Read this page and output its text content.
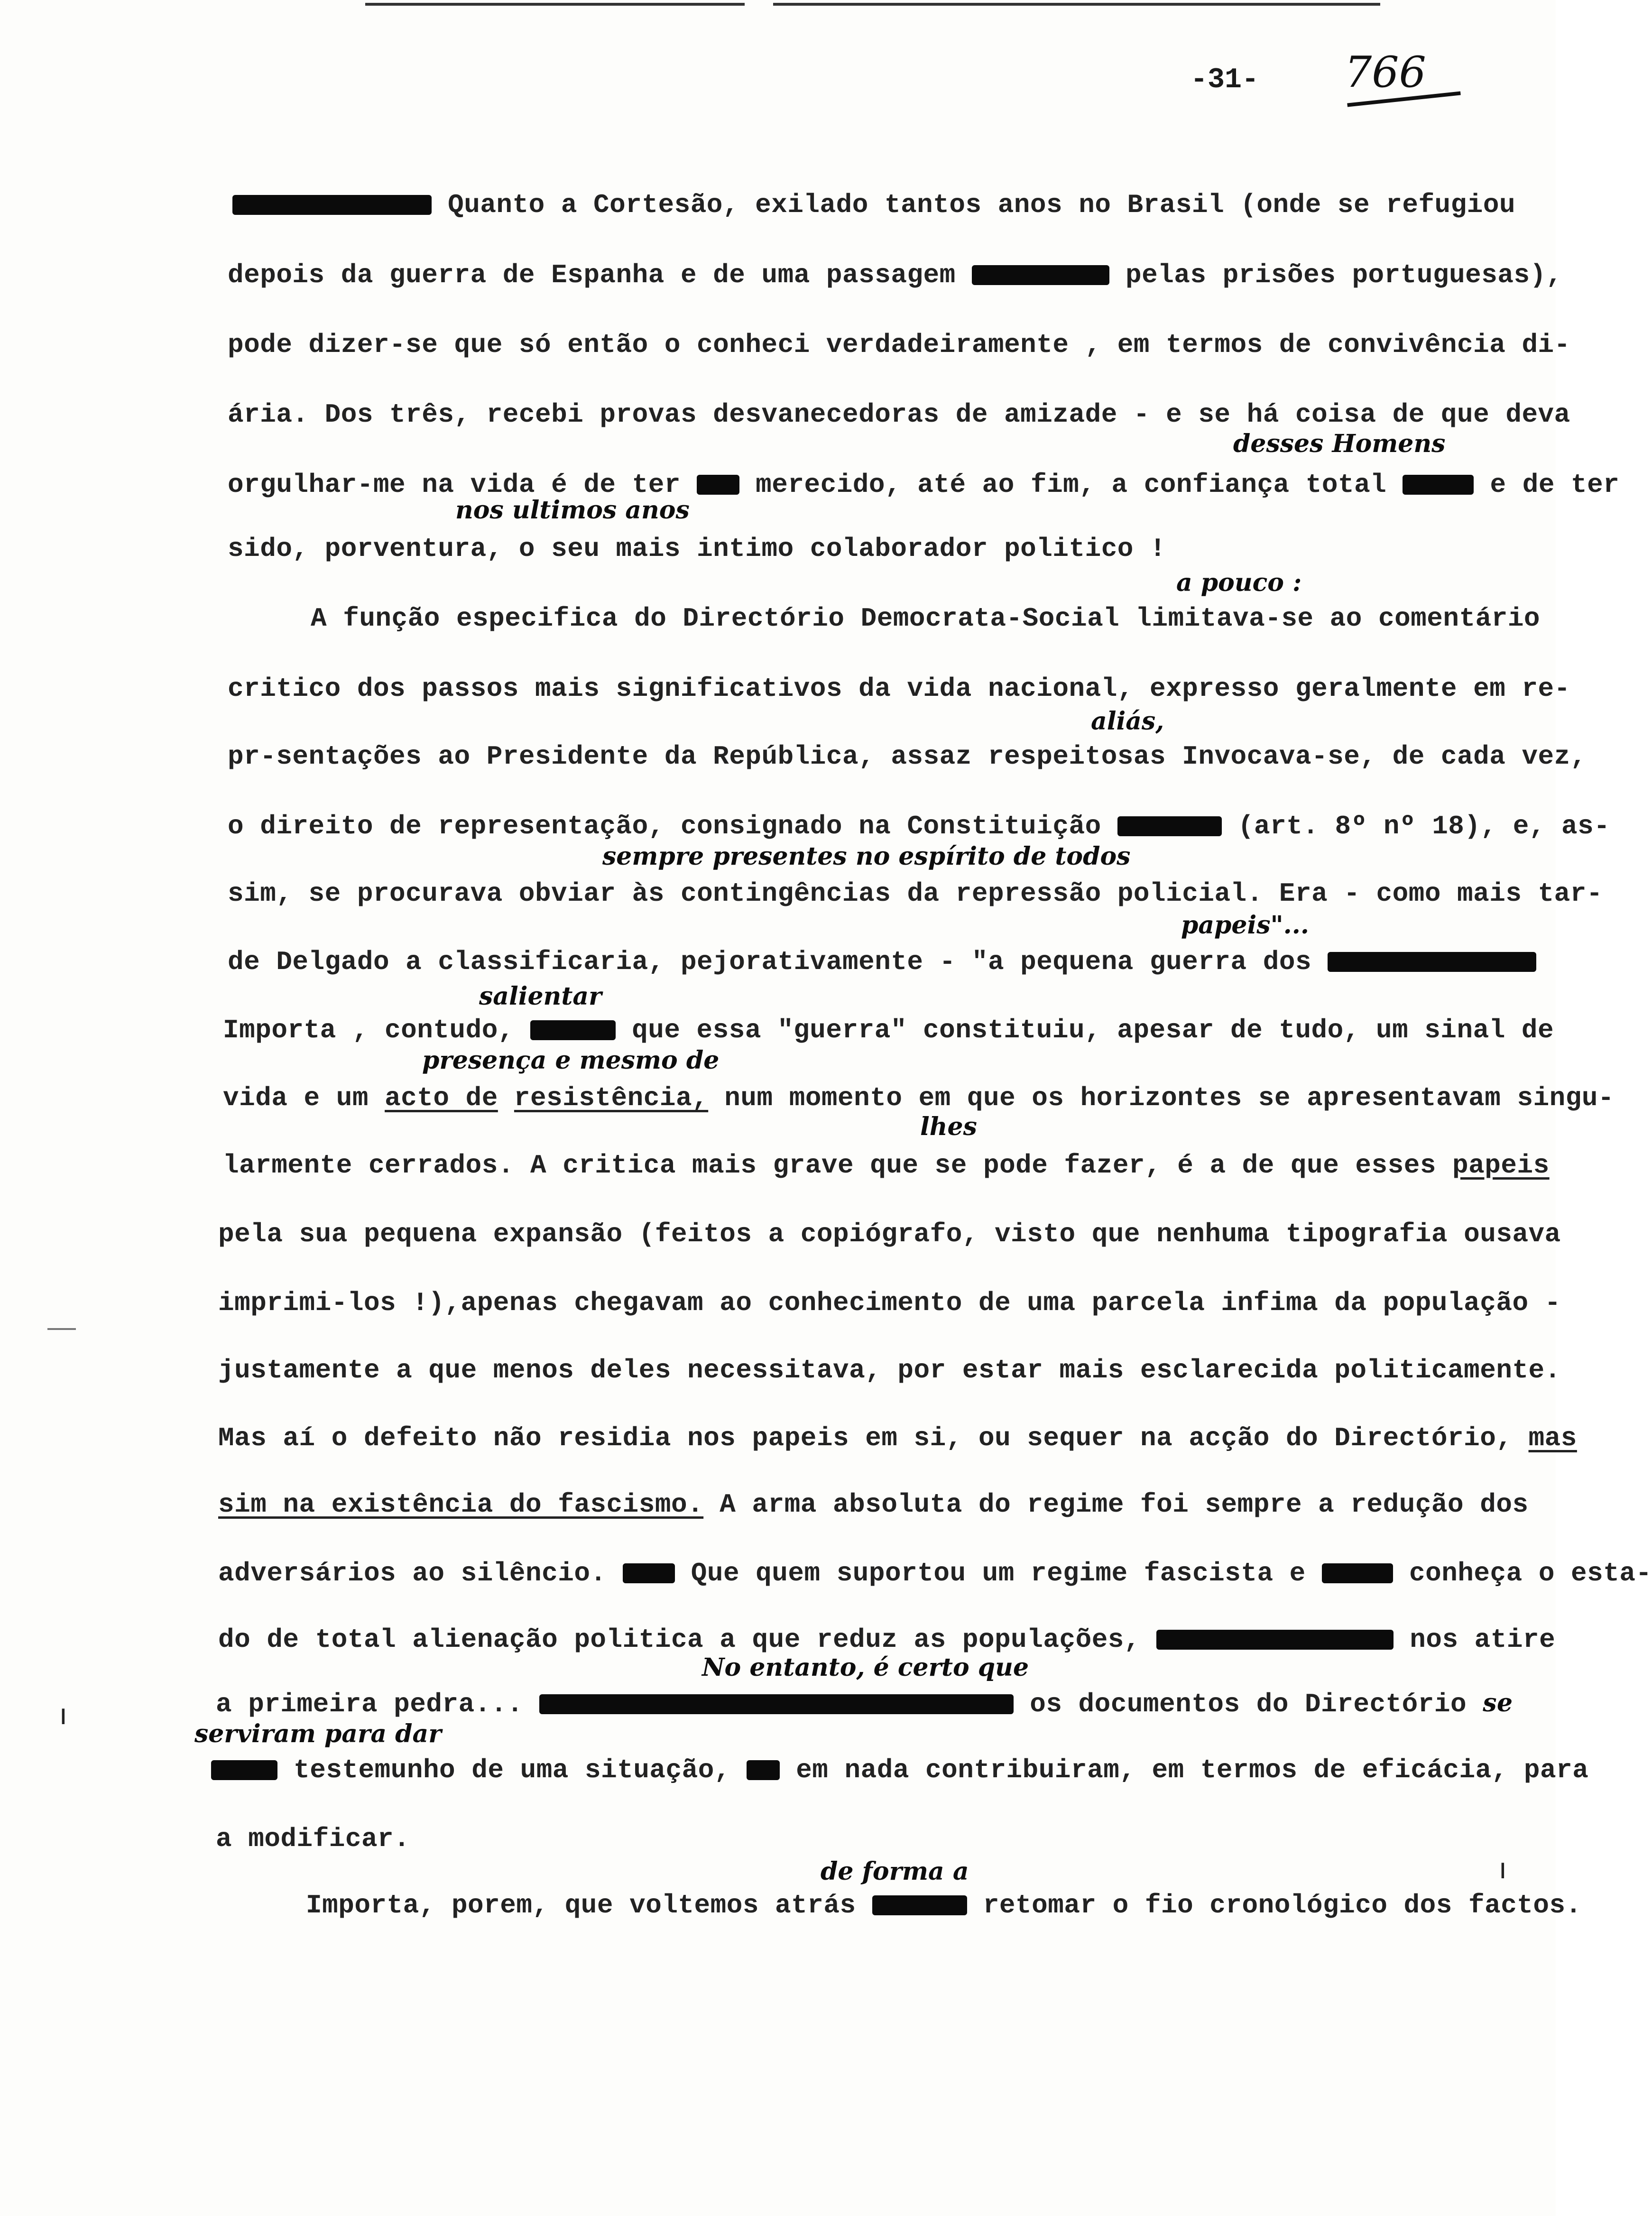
-31- 766
Quanto a Cortesão, exilado tantos anos no Brasil (onde se refugiou
depois da guerra de Espanha e de uma passagem	pelas prisões portuguesas),
pode dizer-se que só então o conheci verdadeiramente , em termos de convivência di-
ária. Dos três, recebi provas desvanecedoras de amizade - e se há coisa de que deva
desses Homens
orgulhar-me na vida é de ter	merecido, até ao fim, a confiança total	e de ter
nos ultimos anos
sido, porventura, o seu mais intimo colaborador politico !
a pouco :
A função especifica do Directório Democrata-Social limitava-se ao comentário
critico dos passos mais significativos da vida nacional, expresso geralmente em re-
aliás,
pr-sentações ao Presidente da República, assaz respeitosas Invocava-se, de cada vez,
o direito de representação, consignado na Constituição	(art. 8º nº 18), e, as-
sempre presentes no espírito de todos
sim, se procurava obviar às contingências da repressão policial. Era - como mais tar-
papeis"...
de Delgado a classificaria, pejorativamente - "a pequena guerra dos
salientar
Importa , contudo,	que essa "guerra" constituiu, apesar de tudo, um sinal de
presença e mesmo de
vida e um acto de resistência, num momento em que os horizontes se apresentavam singu-
lhes
larmente cerrados. A critica mais grave que se pode fazer, é a de que esses papeis
pela sua pequena expansão (feitos a copiógrafo, visto que nenhuma tipografia ousava
imprimi-los !),apenas chegavam ao conhecimento de uma parcela infima da população -
justamente a que menos deles necessitava, por estar mais esclarecida politicamente.
Mas aí o defeito não residia nos papeis em si, ou sequer na acção do Directório, mas
sim na existência do fascismo. A arma absoluta do regime foi sempre a redução dos
adversários ao silêncio.	Que quem suportou um regime fascista e	conheça o esta-
do de total alienação politica a que reduz as populações,	nos atire
No entanto, é certo que
a primeira pedra...	os documentos do Directório se
serviram para dar
testemunho de uma situação, em nada contribuiram, em termos de eficácia, para
a modificar.
de forma a
Importa, porem, que voltemos atrás	retomar o fio cronológico dos factos.
ı
ı
